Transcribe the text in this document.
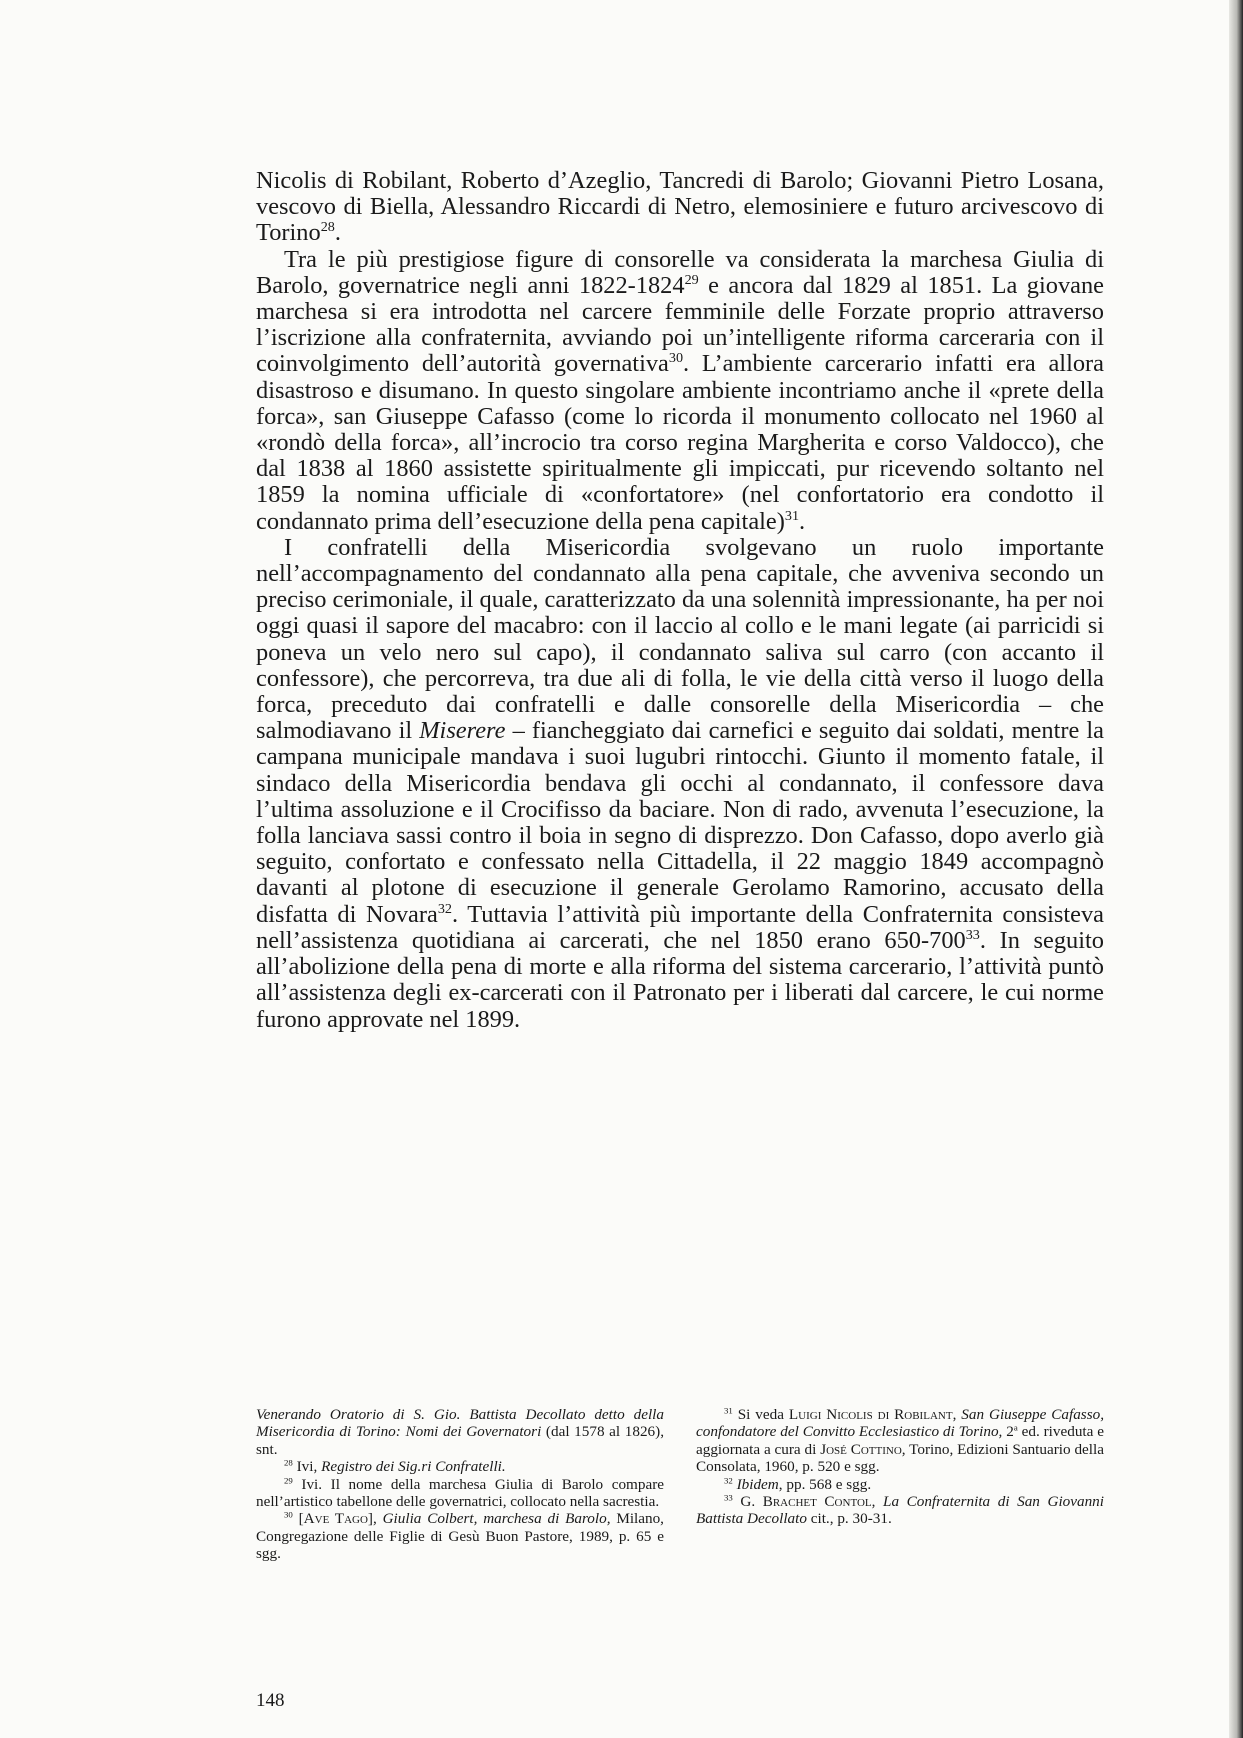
Nicolis di Robilant, Roberto d’Azeglio, Tancredi di Barolo; Giovanni Pietro Losana, vescovo di Biella, Alessandro Riccardi di Netro, elemosiniere e futuro arcivescovo di Torino$^{28}$.

Tra le più prestigiose figure di consorelle va considerata la marchesa Giulia di Barolo, governatrice negli anni 1822-1824$^{29}$ e ancora dal 1829 al 1851. La giovane marchesa si era introdotta nel carcere femminile delle Forzate proprio attraverso l’iscrizione alla confraternita, avviando poi un’intelligente riforma carceraria con il coinvolgimento dell’autorità governativa$^{30}$. L’ambiente carcerario infatti era allora disastroso e disumano. In questo singolare ambiente incontriamo anche il «prete della forca», san Giuseppe Cafasso (come lo ricorda il monumento collocato nel 1960 al «rondò della forca», all’incrocio tra corso regina Margherita e corso Valdocco), che dal 1838 al 1860 assistette spiritualmente gli impiccati, pur ricevendo soltanto nel 1859 la nomina ufficiale di «confortatore» (nel confortatorio era condotto il condannato prima dell’esecuzione della pena capitale)$^{31}$.

I confratelli della Misericordia svolgevano un ruolo importante nell’accompagnamento del condannato alla pena capitale, che avveniva secondo un preciso cerimoniale, il quale, caratterizzato da una solennità impressionante, ha per noi oggi quasi il sapore del macabro: con il laccio al collo e le mani legate (ai parricidi si poneva un velo nero sul capo), il condannato saliva sul carro (con accanto il confessore), che percorreva, tra due ali di folla, le vie della città verso il luogo della forca, preceduto dai confratelli e dalle consorelle della Misericordia – che salmodiavano il Miserere – fiancheggiato dai carnefici e seguito dai soldati, mentre la campana municipale mandava i suoi lugubri rintocchi. Giunto il momento fatale, il sindaco della Misericordia bendava gli occhi al condannato, il confessore dava l’ultima assoluzione e il Crocifisso da baciare. Non di rado, avvenuta l’esecuzione, la folla lanciava sassi contro il boia in segno di disprezzo. Don Cafasso, dopo averlo già seguito, confortato e confessato nella Cittadella, il 22 maggio 1849 accompagnò davanti al plotone di esecuzione il generale Gerolamo Ramorino, accusato della disfatta di Novara$^{32}$. Tuttavia l’attività più importante della Confraternita consisteva nell’assistenza quotidiana ai carcerati, che nel 1850 erano $650-700^{33}$. In seguito all’abolizione della pena di morte e alla riforma del sistema carcerario, l’attività puntò all’assistenza degli ex-carcerati con il Patronato per i liberati dal carcere, le cui norme furono approvate nel 1899.

Venerando Oratorio di S. Gio. Battista Decollato detto della Misericordia di Torino: Nomi dei Governatori (dal 1578 al 1826), snt.

$^{28}$ Ivi, Registro dei Sig.ri Confratelli.

$^{29}$ Ivi. Il nome della marchesa Giulia di Barolo compare nell’artistico tabellone delle governatrici, collocato nella sacrestia.

$^{30}$ [Ave Tago], Giulia Colbert, marchesa di Barolo, Milano, Congregazione delle Figlie di Gesù Buon Pastore, 1989, p. 65 e sgg.

$^{31}$ Si veda Luigi Nicolis di Robilant, San Giuseppe Cafasso, confondatore del Convitto Ecclesiastico di Torino, 2$^a$ ed. riveduta e aggiornata a cura di José Cottino, Torino, Edizioni Santuario della Consolata, 1960, p. 520 e sgg.

$^{32}$ Ibidem, pp. 568 e sgg.

$^{33}$ G. Brachet Contol, La Confraternita di San Giovanni Battista Decollato cit., p. 30-31.

148
